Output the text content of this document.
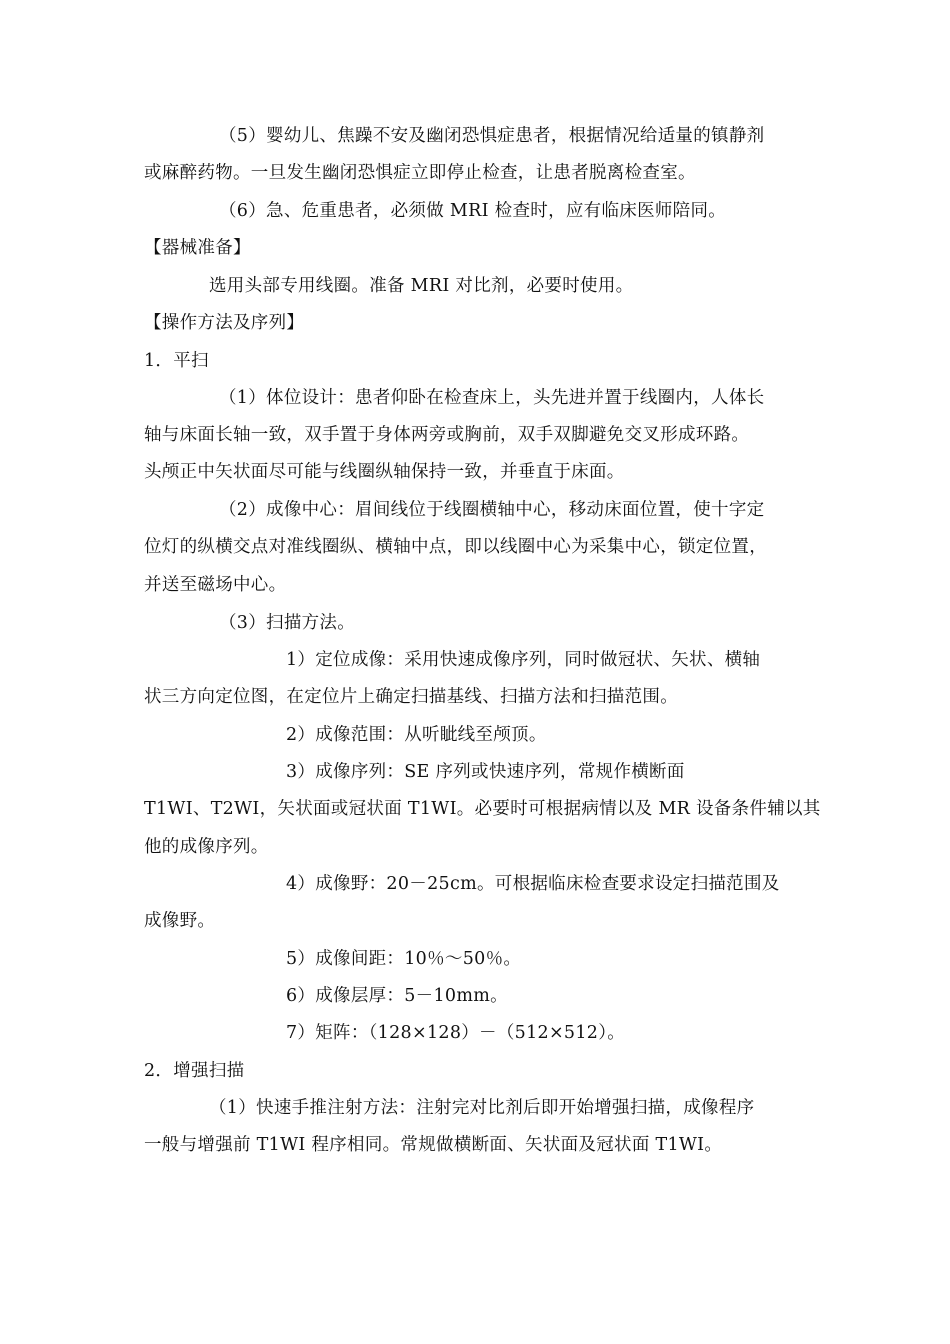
（5）婴幼儿、焦躁不安及幽闭恐惧症患者，根据情况给适量的镇静剂
或麻醉药物。一旦发生幽闭恐惧症立即停止检查，让患者脱离检查室。
（6）急、危重患者，必须做 MRI 检查时，应有临床医师陪同。
【器械准备】
选用头部专用线圈。准备 MRI 对比剂，必要时使用。
【操作方法及序列】
1．平扫
（1）体位设计：患者仰卧在检查床上，头先进并置于线圈内，人体长
轴与床面长轴一致，双手置于身体两旁或胸前，双手双脚避免交叉形成环路。
头颅正中矢状面尽可能与线圈纵轴保持一致，并垂直于床面。
（2）成像中心：眉间线位于线圈横轴中心，移动床面位置，使十字定
位灯的纵横交点对准线圈纵、横轴中点，即以线圈中心为采集中心，锁定位置，
并送至磁场中心。
（3）扫描方法。
1）定位成像：采用快速成像序列，同时做冠状、矢状、横轴
状三方向定位图，在定位片上确定扫描基线、扫描方法和扫描范围。
2）成像范围：从听眦线至颅顶。
3）成像序列：SE 序列或快速序列，常规作横断面
T1WI、T2WI，矢状面或冠状面 T1WI。必要时可根据病情以及 MR 设备条件辅以其
他的成像序列。
4）成像野：20－25cm。可根据临床检查要求设定扫描范围及
成像野。
5）成像间距：10％～50％。
6）成像层厚：5－10mm。
7）矩阵：（128×128）－（512×512）。
2．增强扫描
（1）快速手推注射方法：注射完对比剂后即开始增强扫描，成像程序
一般与增强前 T1WI 程序相同。常规做横断面、矢状面及冠状面 T1WI。
